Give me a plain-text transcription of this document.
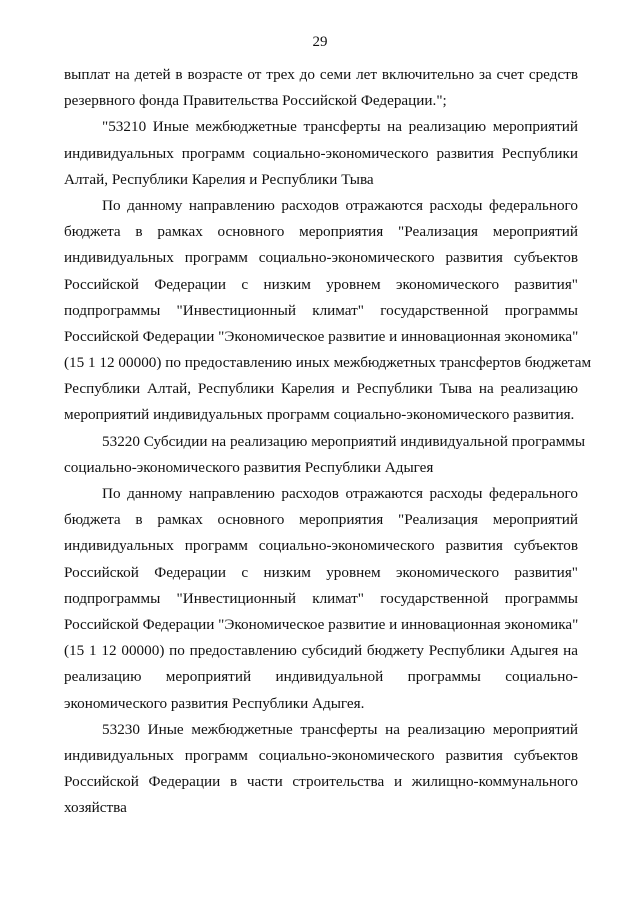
29
выплат на детей в возрасте от трех до семи лет включительно за счет средств
резервного фонда Правительства Российской Федерации.";
"53210 Иные межбюджетные трансферты на реализацию мероприятий
индивидуальных программ социально-экономического развития Республики
Алтай, Республики Карелия и Республики Тыва
По данному направлению расходов отражаются расходы федерального
бюджета в рамках основного мероприятия "Реализация мероприятий
индивидуальных программ социально-экономического развития субъектов
Российской Федерации с низким уровнем экономического развития"
подпрограммы "Инвестиционный климат" государственной программы
Российской Федерации "Экономическое развитие и инновационная экономика"
(15 1 12 00000) по предоставлению иных межбюджетных трансфертов бюджетам
Республики Алтай, Республики Карелия и Республики Тыва на реализацию
мероприятий индивидуальных программ социально-экономического развития.
53220 Субсидии на реализацию мероприятий индивидуальной программы
социально-экономического развития Республики Адыгея
По данному направлению расходов отражаются расходы федерального
бюджета в рамках основного мероприятия "Реализация мероприятий
индивидуальных программ социально-экономического развития субъектов
Российской Федерации с низким уровнем экономического развития"
подпрограммы "Инвестиционный климат" государственной программы
Российской Федерации "Экономическое развитие и инновационная экономика"
(15 1 12 00000) по предоставлению субсидий бюджету Республики Адыгея на
реализацию мероприятий индивидуальной программы социально-
экономического развития Республики Адыгея.
53230 Иные межбюджетные трансферты на реализацию мероприятий
индивидуальных программ социально-экономического развития субъектов
Российской Федерации в части строительства и жилищно-коммунального
хозяйства
